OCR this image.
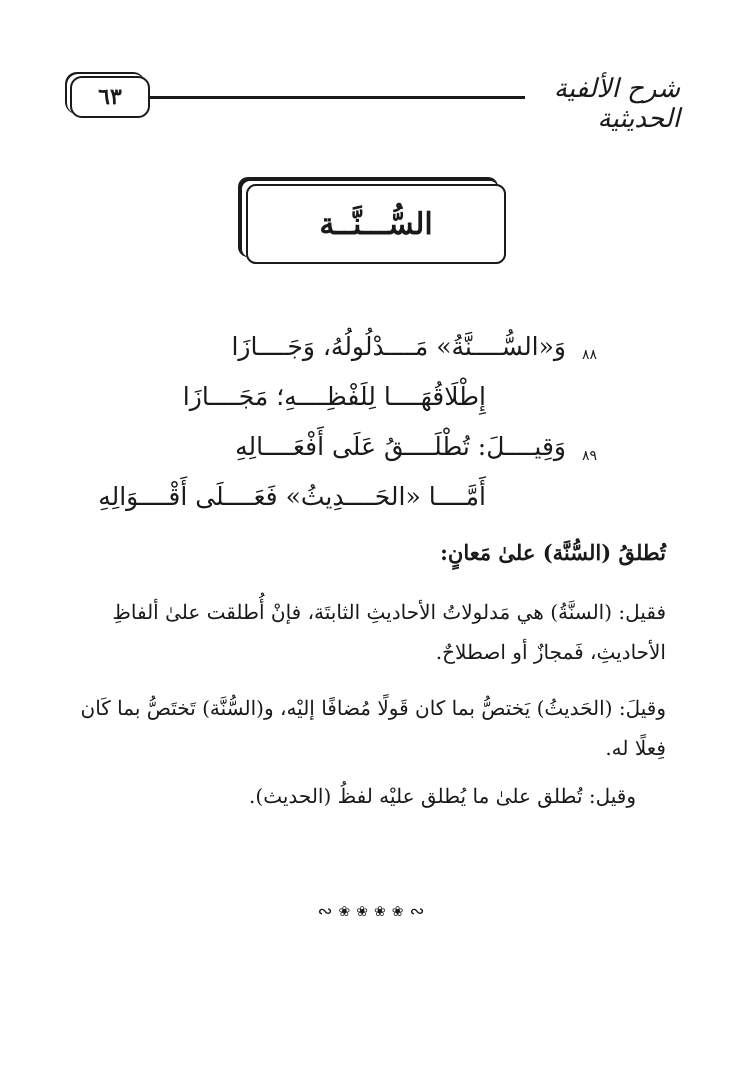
٦٣	شرح الألفية الحديثية
السُّـــنَّــة
٨٨
وَ«السُّــــنَّةُ» مَــــدْلُولُهُ، وَجَــــازَا
إِطْلَاقُهَــــا لِلَفْظِــــهِ؛ مَجَــــازَا
٨٩
وَقِيــــلَ: تُطْلَــــقُ عَلَى أَفْعَــــالِهِ
أَمَّــــا «الحَــــدِيثُ» فَعَــــلَى أَقْــــوَالِهِ
تُطلقُ (السُّنَّة) علىٰ مَعانٍ:
فقيل: (السنَّةُ) هي مَدلولاتُ الأحاديثِ الثابتَة، فإنْ أُطلقت علىٰ ألفاظِ الأحاديثِ، فَمجازٌ أو اصطلاحٌ.
وقيلَ: (الحَديثُ) يَختصُّ بما كان قَولًا مُضافًا إليْه، و(السُّنَّة) تَختَصُّ بما كَان فِعلًا له.
وقيل: تُطلق علىٰ ما يُطلق عليْه لفظُ (الحديث).
∾ ❀ ❀ ❀ ❀ ∾
